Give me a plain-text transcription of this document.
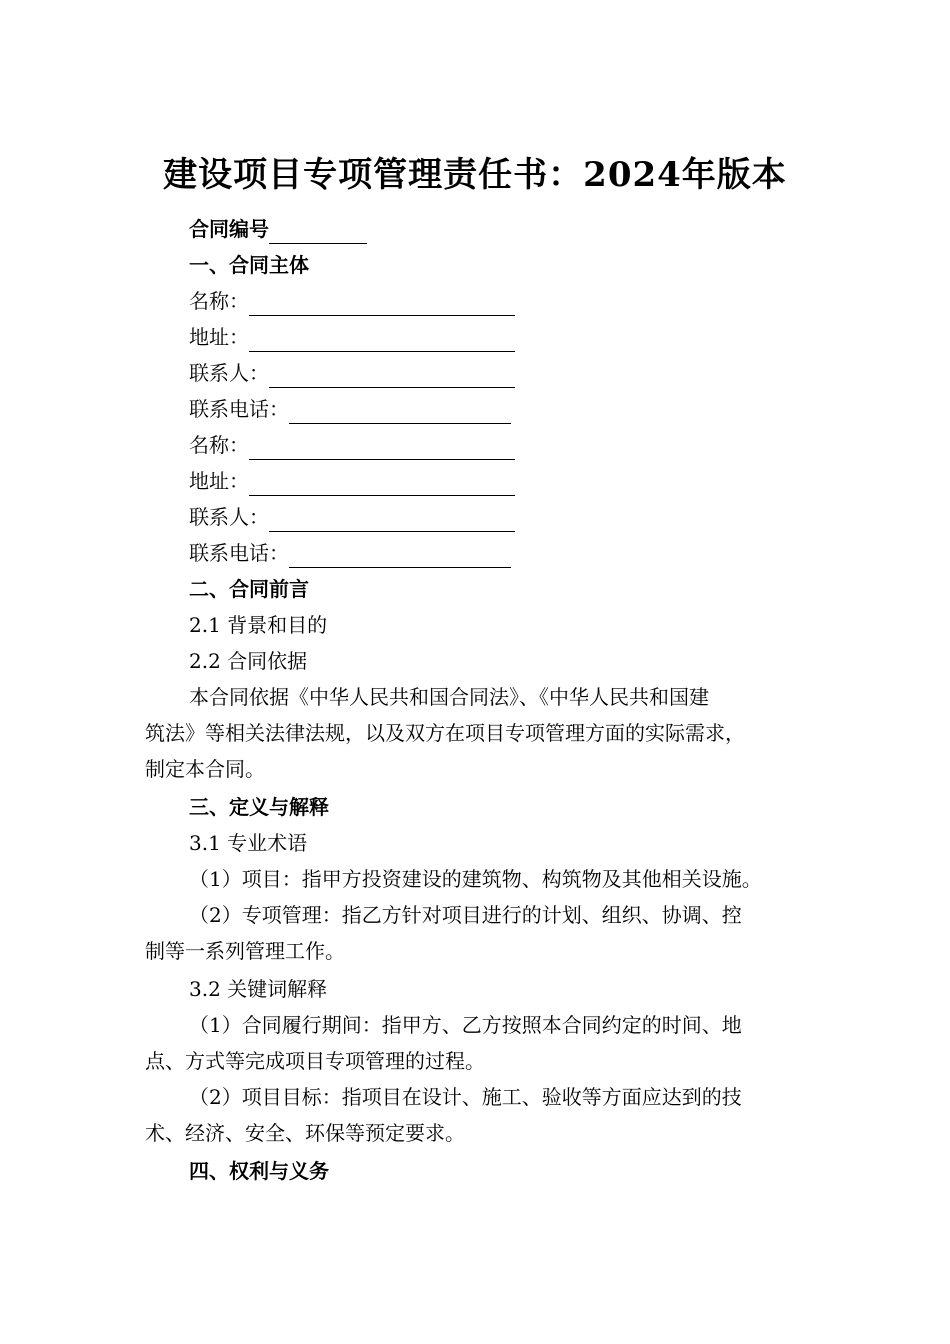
建设项目专项管理责任书：2024年版本
合同编号
一、合同主体
名称：
地址：
联系人：
联系电话：
名称：
地址：
联系人：
联系电话：
二、合同前言
2.1 背景和目的
2.2 合同依据
本合同依据《中华人民共和国合同法》、《中华人民共和国建
筑法》等相关法律法规，以及双方在项目专项管理方面的实际需求，
制定本合同。
三、定义与解释
3.1 专业术语
（1）项目：指甲方投资建设的建筑物、构筑物及其他相关设施。
（2）专项管理：指乙方针对项目进行的计划、组织、协调、控
制等一系列管理工作。
3.2 关键词解释
（1）合同履行期间：指甲方、乙方按照本合同约定的时间、地
点、方式等完成项目专项管理的过程。
（2）项目目标：指项目在设计、施工、验收等方面应达到的技
术、经济、安全、环保等预定要求。
四、权利与义务
